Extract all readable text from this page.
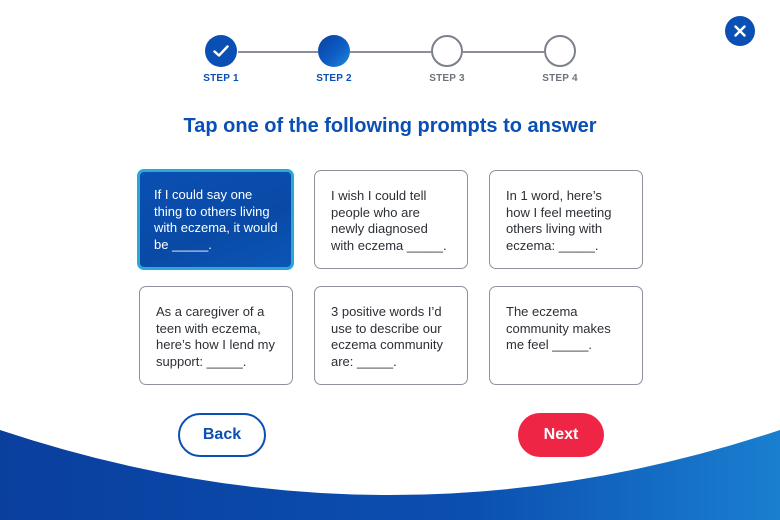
STEP 1	STEP 2	STEP 3	STEP 4
Tap one of the following prompts to answer
If I could say one thing to others living with eczema, it would be _____.
I wish I could tell people who are newly diagnosed with eczema _____.
In 1 word, here’s how I feel meeting others living with eczema: _____.
As a caregiver of a teen with eczema, here’s how I lend my support: _____.
3 positive words I’d use to describe our eczema community are: _____.
The eczema community makes me feel _____.
Back	Next
